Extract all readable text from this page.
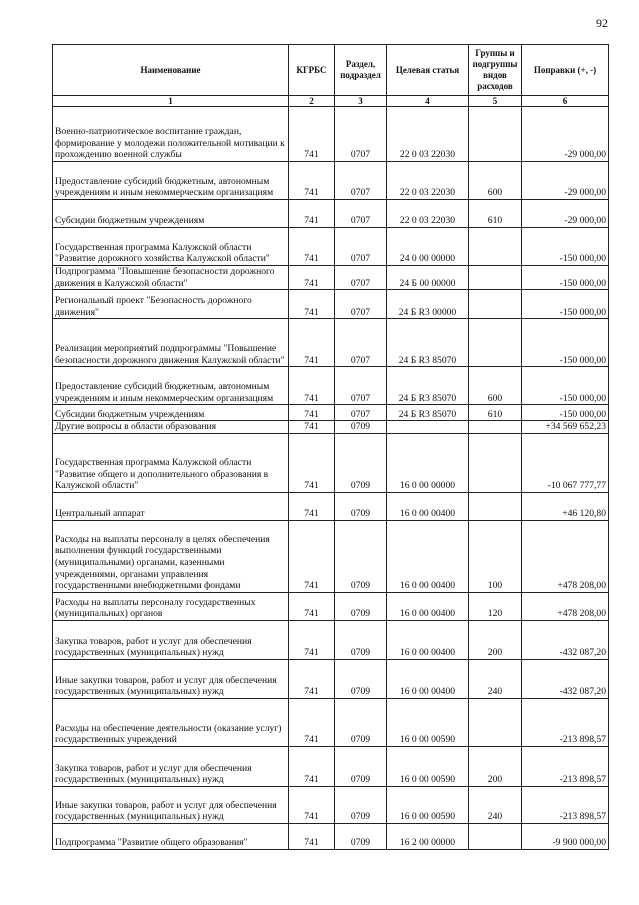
92
Наименование	КГРБС	Раздел, подраздел	Целевая статья	Группы и подгруппы видов расходов	Поправки (+, -)
1	2	3	4	5	6
Военно-патриотическое воспитание граждан, формирование у молодежи положительной мотивации к прохождению военной службы	741	0707	22 0 03 22030		-29 000,00
Предоставление субсидий бюджетным, автономным учреждениям и иным некоммерческим организациям	741	0707	22 0 03 22030	600	-29 000,00
Субсидии бюджетным учреждениям	741	0707	22 0 03 22030	610	-29 000,00
Государственная программа Калужской области "Развитие дорожного хозяйства Калужской области"	741	0707	24 0 00 00000		-150 000,00
Подпрограмма "Повышение безопасности дорожного движения в Калужской области"	741	0707	24 Б 00 00000		-150 000,00
Региональный проект "Безопасность дорожного движения"	741	0707	24 Б R3 00000		-150 000,00
Реализация мероприятий подпрограммы "Повышение безопасности дорожного движения Калужской области"	741	0707	24 Б R3 85070		-150 000,00
Предоставление субсидий бюджетным, автономным учреждениям и иным некоммерческим организациям	741	0707	24 Б R3 85070	600	-150 000,00
Субсидии бюджетным учреждениям	741	0707	24 Б R3 85070	610	-150 000,00
Другие вопросы в области образования	741	0709			+34 569 652,23
Государственная программа Калужской области "Развитие общего и дополнительного образования в Калужской области"	741	0709	16 0 00 00000		-10 067 777,77
Центральный аппарат	741	0709	16 0 00 00400		+46 120,80
Расходы на выплаты персоналу в целях обеспечения выполнения функций государственными (муниципальными) органами, казенными учреждениями, органами управления государственными внебюджетными фондами	741	0709	16 0 00 00400	100	+478 208,00
Расходы на выплаты персоналу государственных (муниципальных) органов	741	0709	16 0 00 00400	120	+478 208,00
Закупка товаров, работ и услуг для обеспечения государственных (муниципальных) нужд	741	0709	16 0 00 00400	200	-432 087,20
Иные закупки товаров, работ и услуг для обеспечения государственных (муниципальных) нужд	741	0709	16 0 00 00400	240	-432 087,20
Расходы на обеспечение деятельности (оказание услуг) государственных учреждений	741	0709	16 0 00 00590		-213 898,57
Закупка товаров, работ и услуг для обеспечения государственных (муниципальных) нужд	741	0709	16 0 00 00590	200	-213 898,57
Иные закупки товаров, работ и услуг для обеспечения государственных (муниципальных) нужд	741	0709	16 0 00 00590	240	-213 898,57
Подпрограмма "Развитие общего образования"	741	0709	16 2 00 00000		-9 900 000,00
